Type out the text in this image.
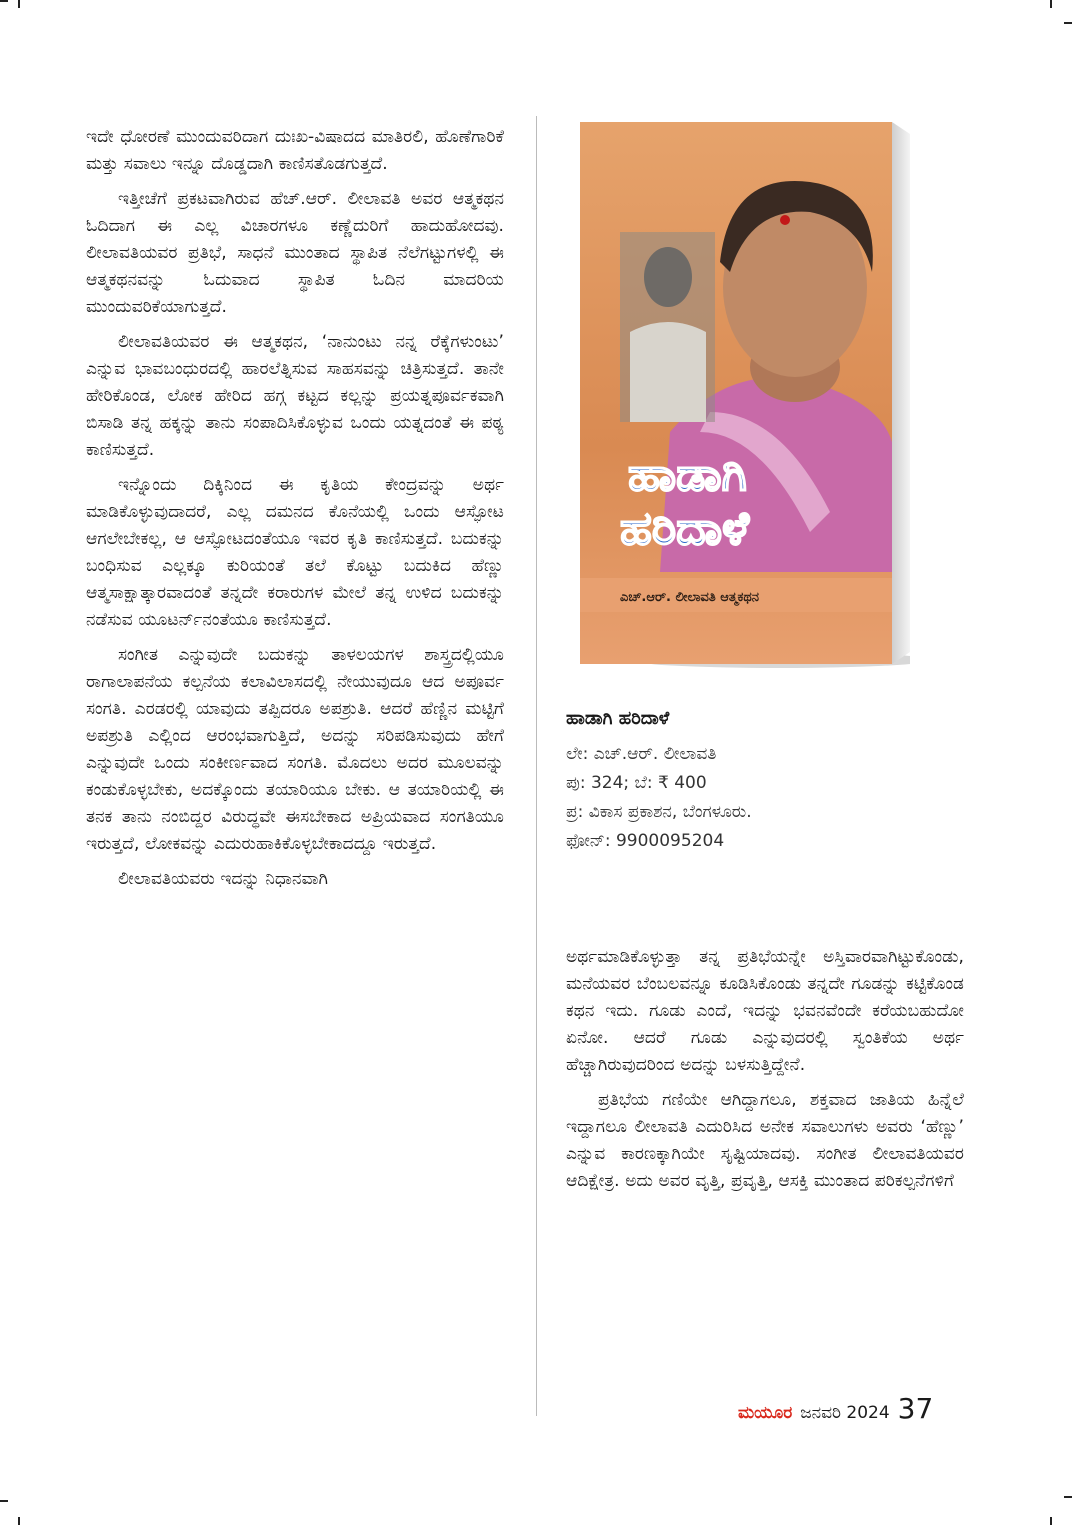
ಇದೇ ಧೋರಣೆ ಮುಂದುವರಿದಾಗ ದುಃಖ-ವಿಷಾದದ ಮಾತಿರಲಿ, ಹೊಣೆಗಾರಿಕೆ ಮತ್ತು ಸವಾಲು ಇನ್ನೂ ದೊಡ್ಡದಾಗಿ ಕಾಣಿಸತೊಡಗುತ್ತದೆ.

ಇತ್ತೀಚೆಗೆ ಪ್ರಕಟವಾಗಿರುವ ಹೆಚ್.ಆರ್. ಲೀಲಾವತಿ ಅವರ ಆತ್ಮಕಥನ ಓದಿದಾಗ ಈ ಎಲ್ಲ ವಿಚಾರಗಳೂ ಕಣ್ಣೆದುರಿಗೆ ಹಾದುಹೋದವು. ಲೀಲಾವತಿಯವರ ಪ್ರತಿಭೆ, ಸಾಧನೆ ಮುಂತಾದ ಸ್ಥಾಪಿತ ನೆಲೆಗಟ್ಟುಗಳಲ್ಲಿ ಈ ಆತ್ಮಕಥನವನ್ನು ಓದುವಾದ ಸ್ಥಾಪಿತ ಓದಿನ ಮಾದರಿಯ ಮುಂದುವರಿಕೆಯಾಗುತ್ತದೆ.

ಲೀಲಾವತಿಯವರ ಈ ಆತ್ಮಕಥನ, ‘ನಾನುಂಟು ನನ್ನ ರೆಕ್ಕೆಗಳುಂಟು’ ಎನ್ನುವ ಭಾವಬಂಧುರದಲ್ಲಿ ಹಾರಲೆತ್ನಿಸುವ ಸಾಹಸವನ್ನು ಚಿತ್ರಿಸುತ್ತದೆ. ತಾನೇ ಹೇರಿಕೊಂಡ, ಲೋಕ ಹೇರಿದ ಹಗ್ಗ ಕಟ್ಟದ ಕಲ್ಲನ್ನು ಪ್ರಯತ್ನಪೂರ್ವಕವಾಗಿ ಬಿಸಾಡಿ ತನ್ನ ಹಕ್ಕನ್ನು ತಾನು ಸಂಪಾದಿಸಿಕೊಳ್ಳುವ ಒಂದು ಯತ್ನದಂತೆ ಈ ಪಠ್ಯ ಕಾಣಿಸುತ್ತದೆ.

ಇನ್ನೊಂದು ದಿಕ್ಕಿನಿಂದ ಈ ಕೃತಿಯ ಕೇಂದ್ರವನ್ನು ಅರ್ಥ ಮಾಡಿಕೊಳ್ಳುವುದಾದರೆ, ಎಲ್ಲ ದಮನದ ಕೊನೆಯಲ್ಲಿ ಒಂದು ಆಸ್ಫೋಟ ಆಗಲೇಬೇಕಲ್ಲ, ಆ ಆಸ್ಫೋಟದಂತೆಯೂ ಇವರ ಕೃತಿ ಕಾಣಿಸುತ್ತದೆ. ಬದುಕನ್ನು ಬಂಧಿಸುವ ಎಲ್ಲಕ್ಕೂ ಕುರಿಯಂತೆ ತಲೆ ಕೊಟ್ಟು ಬದುಕಿದ ಹೆಣ್ಣು ಆತ್ಮಸಾಕ್ಷಾತ್ಕಾರವಾದಂತೆ ತನ್ನದೇ ಕರಾರುಗಳ ಮೇಲೆ ತನ್ನ ಉಳಿದ ಬದುಕನ್ನು ನಡೆಸುವ ಯೂಟರ್ನ್‌ನಂತೆಯೂ ಕಾಣಿಸುತ್ತದೆ.

ಸಂಗೀತ ಎನ್ನುವುದೇ ಬದುಕನ್ನು ತಾಳಲಯಗಳ ಶಾಸ್ತ್ರದಲ್ಲಿಯೂ ರಾಗಾಲಾಪನೆಯ ಕಲ್ಪನೆಯ ಕಲಾವಿಲಾಸದಲ್ಲಿ ನೇಯುವುದೂ ಆದ ಅಪೂರ್ವ ಸಂಗತಿ. ಎರಡರಲ್ಲಿ ಯಾವುದು ತಪ್ಪಿದರೂ ಅಪಶ್ರುತಿ. ಆದರೆ ಹೆಣ್ಣಿನ ಮಟ್ಟಿಗೆ ಅಪಶ್ರುತಿ ಎಲ್ಲಿಂದ ಆರಂಭವಾಗುತ್ತಿದೆ, ಅದನ್ನು ಸರಿಪಡಿಸುವುದು ಹೇಗೆ ಎನ್ನುವುದೇ ಒಂದು ಸಂಕೀರ್ಣವಾದ ಸಂಗತಿ. ಮೊದಲು ಅದರ ಮೂಲವನ್ನು ಕಂಡುಕೊಳ್ಳಬೇಕು, ಅದಕ್ಕೊಂದು ತಯಾರಿಯೂ ಬೇಕು. ಆ ತಯಾರಿಯಲ್ಲಿ ಈ ತನಕ ತಾನು ನಂಬಿದ್ದರ ವಿರುದ್ಧವೇ ಈಸಬೇಕಾದ ಅಪ್ರಿಯವಾದ ಸಂಗತಿಯೂ ಇರುತ್ತದೆ, ಲೋಕವನ್ನು ಎದುರುಹಾಕಿಕೊಳ್ಳಬೇಕಾದದ್ದೂ ಇರುತ್ತದೆ.

ಲೀಲಾವತಿಯವರು ಇದನ್ನು ನಿಧಾನವಾಗಿ

ಹಾಡಾಗಿ
ಹರಿದಾಳೆ
ಎಚ್.ಆರ್. ಲೀಲಾವತಿ ಆತ್ಮಕಥನ

ಹಾಡಾಗಿ ಹರಿದಾಳೆ

ಲೇ: ಎಚ್.ಆರ್. ಲೀಲಾವತಿ

ಪು: 324; ಬೆ: ₹ 400

ಪ್ರ: ವಿಕಾಸ ಪ್ರಕಾಶನ, ಬೆಂಗಳೂರು.

ಫೋನ್: 9900095204

ಅರ್ಥಮಾಡಿಕೊಳ್ಳುತ್ತಾ ತನ್ನ ಪ್ರತಿಭೆಯನ್ನೇ ಅಸ್ತಿವಾರವಾಗಿಟ್ಟುಕೊಂಡು, ಮನೆಯವರ ಬೆಂಬಲವನ್ನೂ ಕೂಡಿಸಿಕೊಂಡು ತನ್ನದೇ ಗೂಡನ್ನು ಕಟ್ಟಿಕೊಂಡ ಕಥನ ಇದು. ಗೂಡು ಎಂದೆ, ಇದನ್ನು ಭವನವೆಂದೇ ಕರೆಯಬಹುದೋ ಏನೋ. ಆದರೆ ಗೂಡು ಎನ್ನುವುದರಲ್ಲಿ ಸ್ವಂತಿಕೆಯ ಅರ್ಥ ಹೆಚ್ಚಾಗಿರುವುದರಿಂದ ಅದನ್ನು ಬಳಸುತ್ತಿದ್ದೇನೆ.

ಪ್ರತಿಭೆಯ ಗಣಿಯೇ ಆಗಿದ್ದಾಗಲೂ, ಶಕ್ತವಾದ ಜಾತಿಯ ಹಿನ್ನೆಲೆ ಇದ್ದಾಗಲೂ ಲೀಲಾವತಿ ಎದುರಿಸಿದ ಅನೇಕ ಸವಾಲುಗಳು ಅವರು ‘ಹೆಣ್ಣು’ ಎನ್ನುವ ಕಾರಣಕ್ಕಾಗಿಯೇ ಸೃಷ್ಟಿಯಾದವು. ಸಂಗೀತ ಲೀಲಾವತಿಯವರ ಆದಿಕ್ಷೇತ್ರ. ಅದು ಅವರ ವೃತ್ತಿ, ಪ್ರವೃತ್ತಿ, ಆಸಕ್ತಿ ಮುಂತಾದ ಪರಿಕಲ್ಪನೆಗಳಿಗೆ

ಮಯೂರ ಜನವರಿ 2024 37
